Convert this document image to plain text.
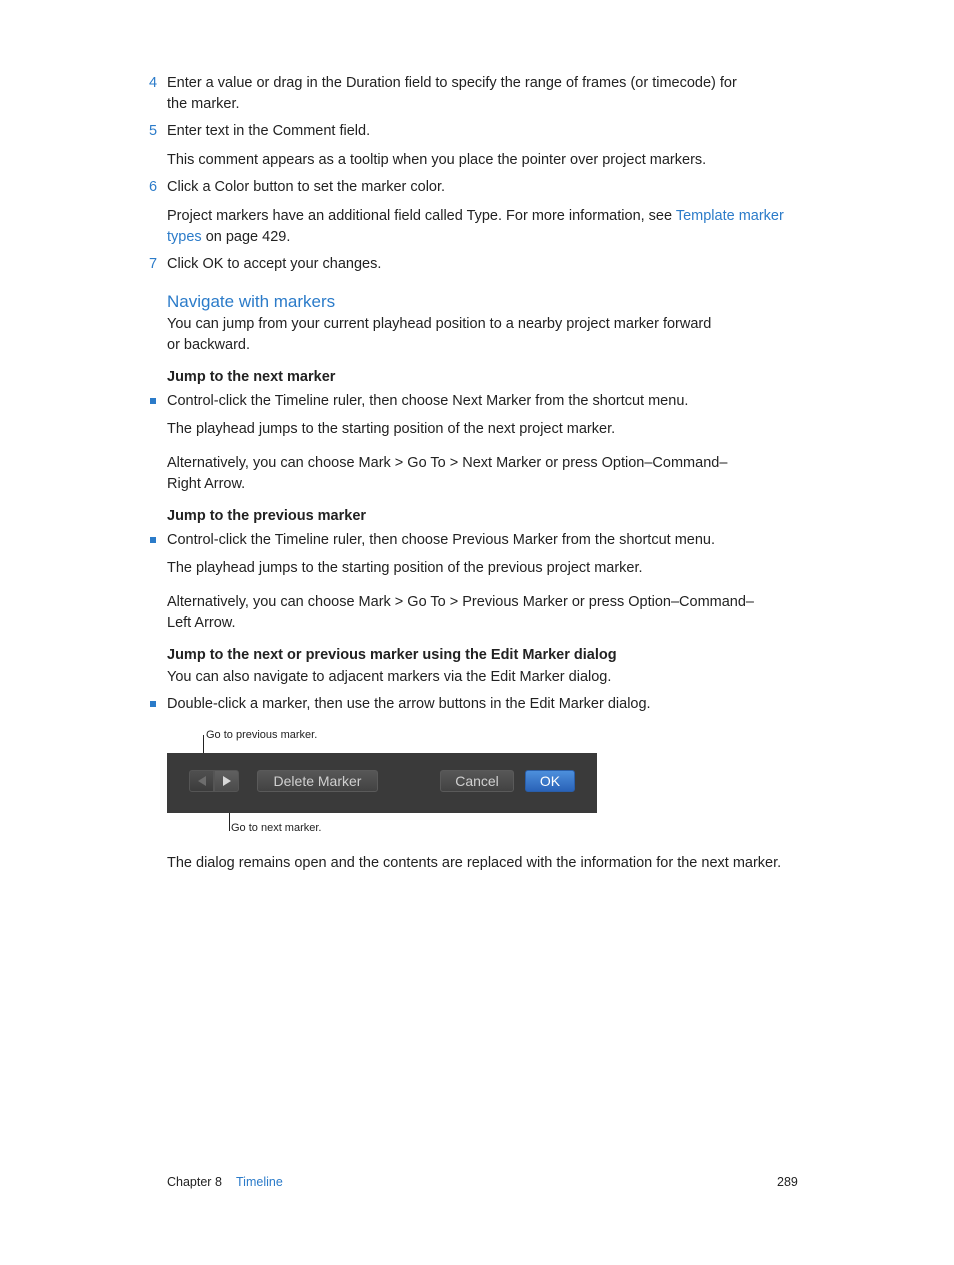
4 Enter a value or drag in the Duration field to specify the range of frames (or timecode) for
the marker.
5 Enter text in the Comment field.
This comment appears as a tooltip when you place the pointer over project markers.
6 Click a Color button to set the marker color.
Project markers have an additional field called Type. For more information, see Template marker
types on page 429.
7 Click OK to accept your changes.
Navigate with markers
You can jump from your current playhead position to a nearby project marker forward
or backward.
Jump to the next marker
Control-click the Timeline ruler, then choose Next Marker from the shortcut menu.
The playhead jumps to the starting position of the next project marker.
Alternatively, you can choose Mark > Go To > Next Marker or press Option–Command–
Right Arrow.
Jump to the previous marker
Control-click the Timeline ruler, then choose Previous Marker from the shortcut menu.
The playhead jumps to the starting position of the previous project marker.
Alternatively, you can choose Mark > Go To > Previous Marker or press Option–Command–
Left Arrow.
Jump to the next or previous marker using the Edit Marker dialog
You can also navigate to adjacent markers via the Edit Marker dialog.
Double-click a marker, then use the arrow buttons in the Edit Marker dialog.
Go to previous marker.
Go to next marker.
Delete Marker	Cancel	OK
The dialog remains open and the contents are replaced with the information for the next marker.
Chapter 8 Timeline	289
